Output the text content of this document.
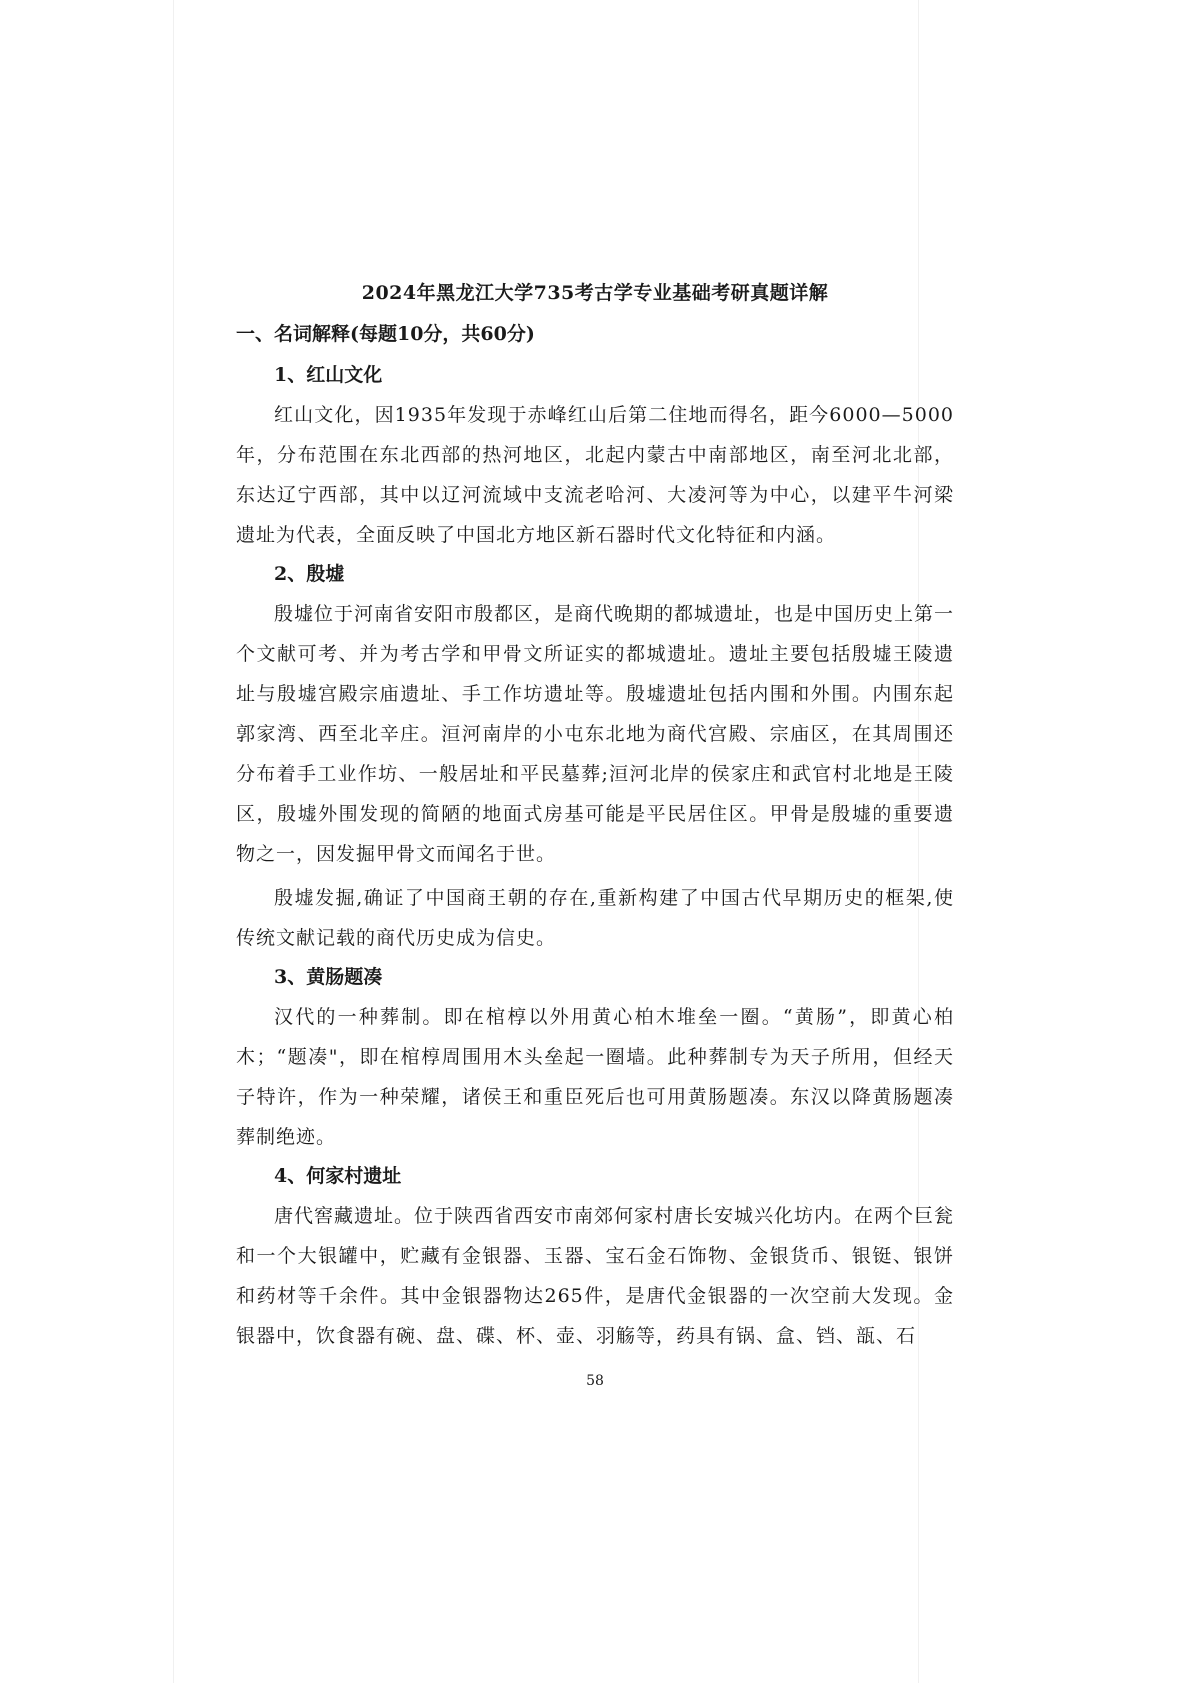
2024年黑龙江大学735考古学专业基础考研真题详解
一、名词解释(每题10分，共60分)
1、红山文化

红山文化，因1935年发现于赤峰红山后第二住地而得名，距今6000—5000年，分布范围在东北西部的热河地区，北起内蒙古中南部地区，南至河北北部，东达辽宁西部，其中以辽河流域中支流老哈河、大凌河等为中心，以建平牛河梁遗址为代表，全面反映了中国北方地区新石器时代文化特征和内涵。

2、殷墟

殷墟位于河南省安阳市殷都区，是商代晚期的都城遗址，也是中国历史上第一个文献可考、并为考古学和甲骨文所证实的都城遗址。遗址主要包括殷墟王陵遗址与殷墟宫殿宗庙遗址、手工作坊遗址等。殷墟遗址包括内围和外围。内围东起郭家湾、西至北辛庄。洹河南岸的小屯东北地为商代宫殿、宗庙区，在其周围还分布着手工业作坊、一般居址和平民墓葬;洹河北岸的侯家庄和武官村北地是王陵区，殷墟外围发现的简陋的地面式房基可能是平民居住区。甲骨是殷墟的重要遗物之一，因发掘甲骨文而闻名于世。

殷墟发掘,确证了中国商王朝的存在,重新构建了中国古代早期历史的框架,使传统文献记载的商代历史成为信史。

3、黄肠题凑

汉代的一种葬制。即在棺椁以外用黄心柏木堆垒一圈。“黄肠”，即黄心柏木；“题凑"，即在棺椁周围用木头垒起一圈墙。此种葬制专为天子所用，但经天子特许，作为一种荣耀，诸侯王和重臣死后也可用黄肠题凑。东汉以降黄肠题凑葬制绝迹。

4、何家村遗址

唐代窖藏遗址。位于陕西省西安市南郊何家村唐长安城兴化坊内。在两个巨瓮和一个大银罐中，贮藏有金银器、玉器、宝石金石饰物、金银货币、银铤、银饼和药材等千余件。其中金银器物达265件，是唐代金银器的一次空前大发现。金银器中，饮食器有碗、盘、碟、杯、壶、羽觞等，药具有锅、盒、铛、瓿、石

58
